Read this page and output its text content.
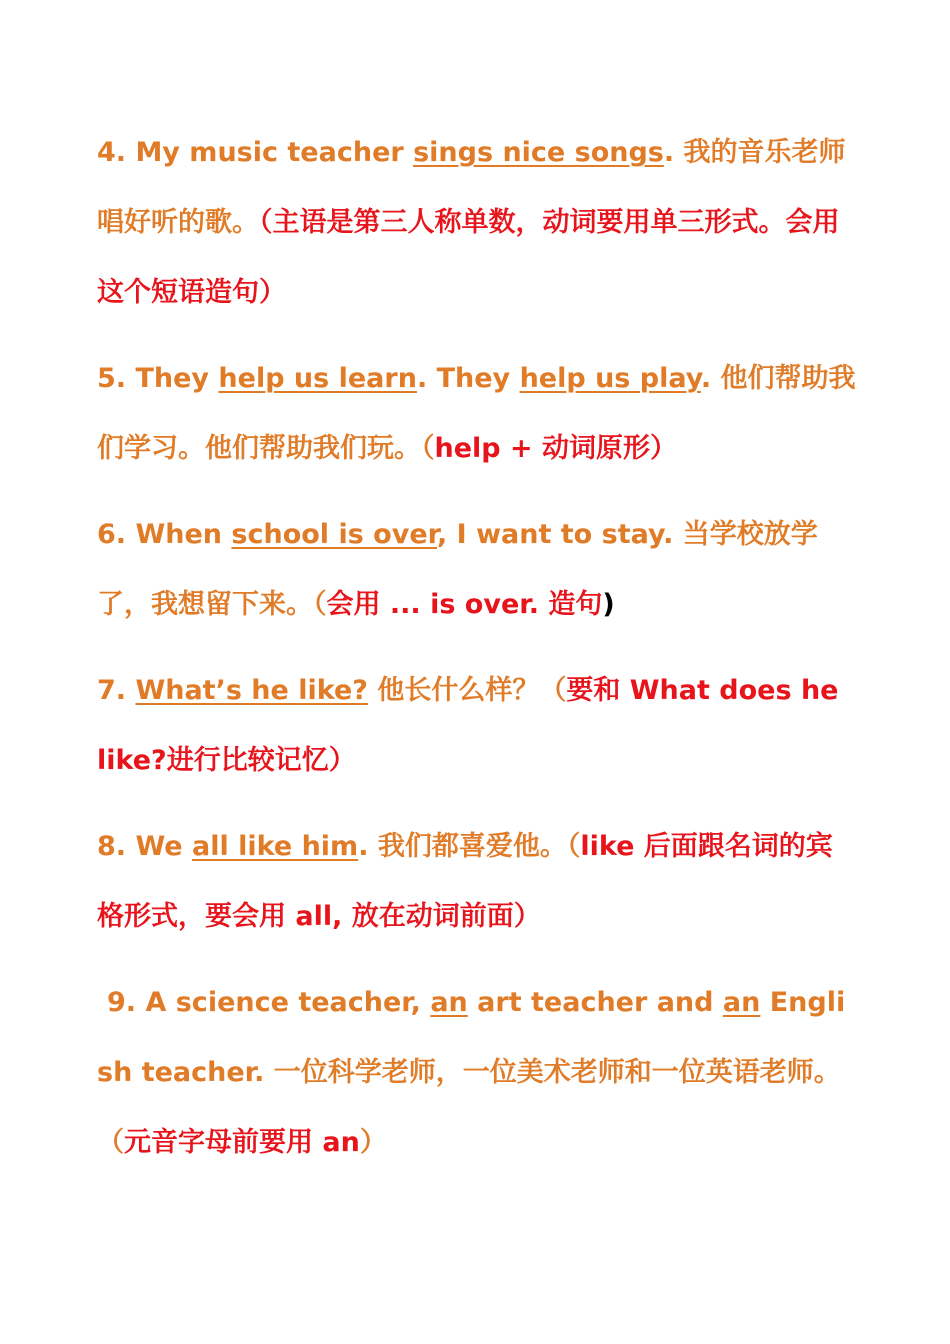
4. My music teacher sings nice songs. 我的音乐老师唱好听的歌。（主语是第三人称单数，动词要用单三形式。会用这个短语造句）

5. They help us learn. They help us play. 他们帮助我们学习。他们帮助我们玩。（help + 动词原形）

6. When school is over, I want to stay. 当学校放学了，我想留下来。（会用 ... is over. 造句)

7. What’s he like? 他长什么样？（要和 What does he like?进行比较记忆）

8. We all like him. 我们都喜爱他。（like 后面跟名词的宾格形式，要会用 all, 放在动词前面）

9. A science teacher, an art teacher and an English teacher. 一位科学老师，一位美术老师和一位英语老师。（元音字母前要用 an）
